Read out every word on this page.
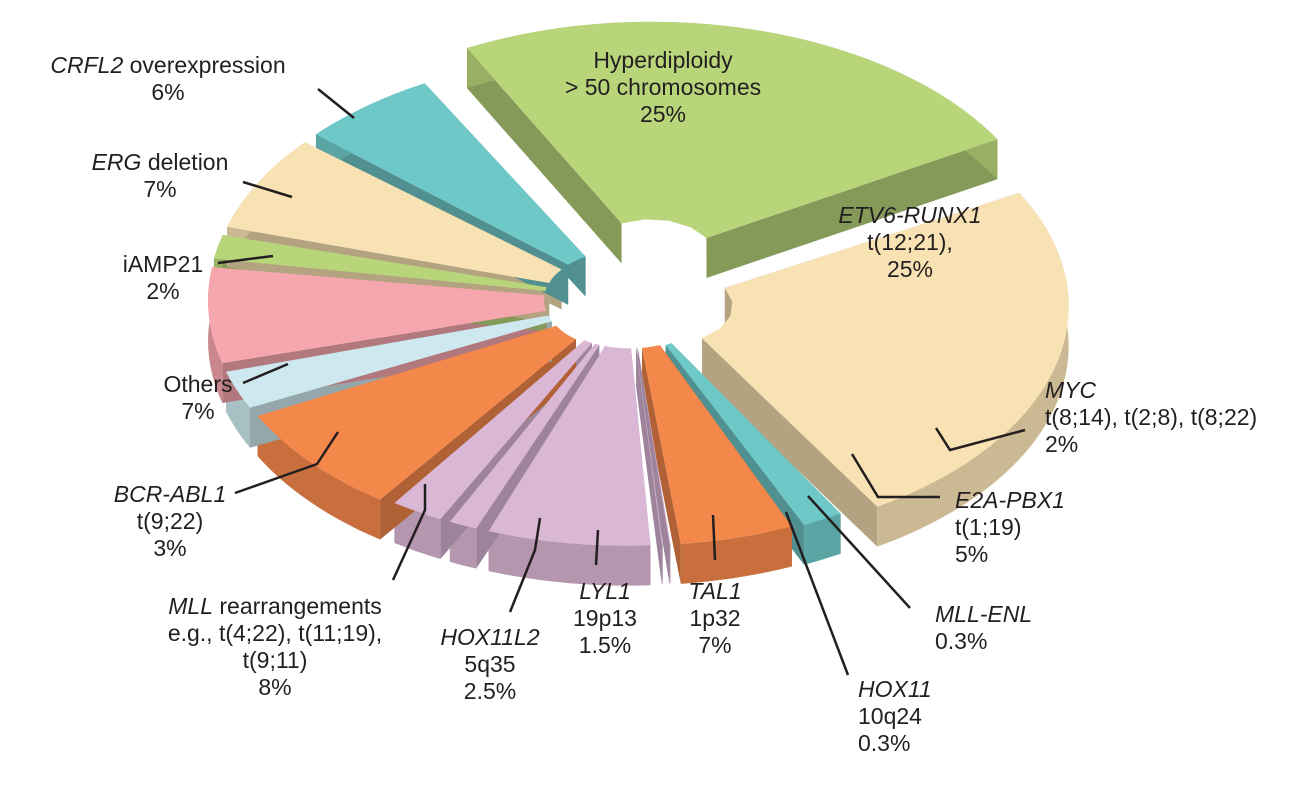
Hyperdiploidy > 50 chromosomes 25%
ETV6-RUNX1 t(12;21), 25%
MYC t(8;14), t(2;8), t(8;22) 2%
E2A-PBX1 t(1;19) 5%
MLL-ENL 0.3%
HOX11 10q24 0.3%
TAL1 1p32 7%
LYL1 19p13 1.5%
HOX11L2 5q35 2.5%
MLL rearrangements e.g., t(4;22), t(11;19), t(9;11) 8%
BCR-ABL1 t(9;22) 3%
Others 7%
iAMP21 2%
ERG deletion 7%
CRFL2 overexpression 6%
